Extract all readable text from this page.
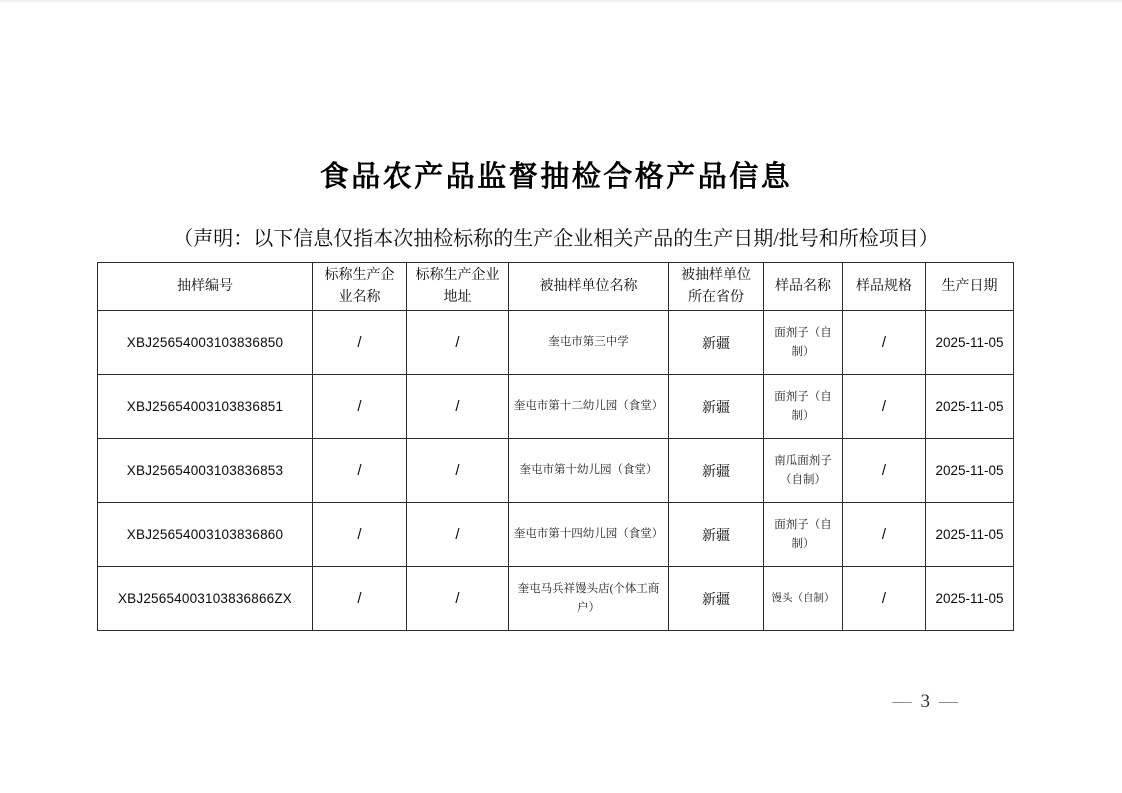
食品农产品监督抽检合格产品信息
（声明：以下信息仅指本次抽检标称的生产企业相关产品的生产日期/批号和所检项目）
抽样编号	标称生产企业名称	标称生产企业地址	被抽样单位名称	被抽样单位所在省份	样品名称	样品规格	生产日期
XBJ25654003103836850	/	/	奎屯市第三中学	新疆	面剂子（自制）	/	2025-11-05
XBJ25654003103836851	/	/	奎屯市第十二幼儿园（食堂）	新疆	面剂子（自制）	/	2025-11-05
XBJ25654003103836853	/	/	奎屯市第十幼儿园（食堂）	新疆	南瓜面剂子（自制）	/	2025-11-05
XBJ25654003103836860	/	/	奎屯市第十四幼儿园（食堂）	新疆	面剂子（自制）	/	2025-11-05
XBJ25654003103836866ZX	/	/	奎屯马兵祥馒头店(个体工商户）	新疆	馒头（自制）	/	2025-11-05
— 3 —
